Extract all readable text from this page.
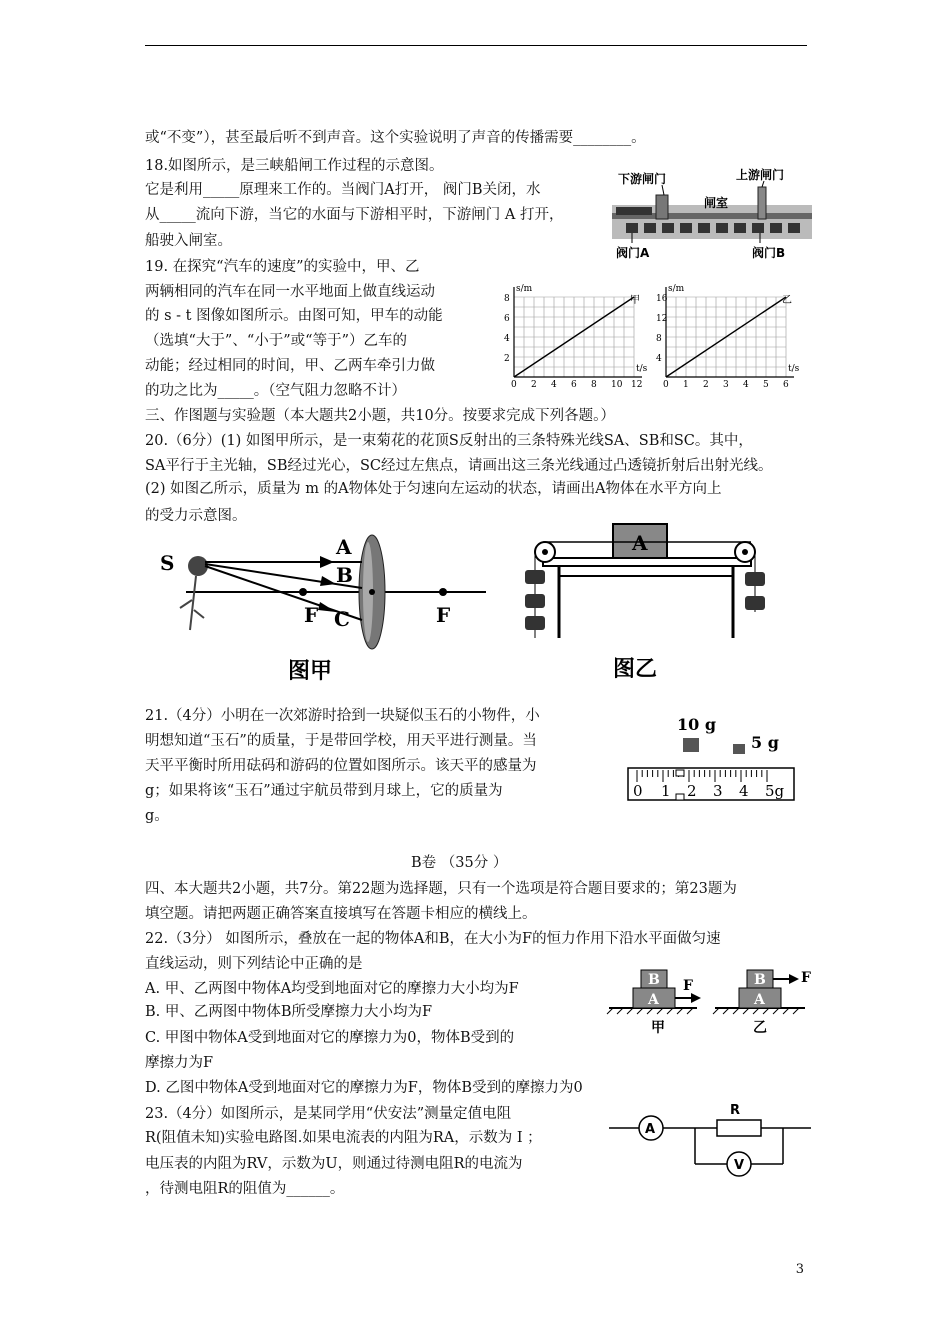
或“不变”），甚至最后听不到声音。这个实验说明了声音的传播需要________。
18.如图所示，是三峡船闸工作过程的示意图。
它是利用_____原理来工作的。当阀门A打开， 阀门B关闭，水
从_____流向下游，当它的水面与下游相平时，下游闸门 A 打开，
船驶入闸室。
19. 在探究“汽车的速度”的实验中，甲、乙
两辆相同的汽车在同一水平地面上做直线运动
的 s - t 图像如图所示。由图可知，甲车的动能
（选填“大于”、“小于”或“等于”）乙车的
动能；经过相同的时间，甲、乙两车牵引力做
的功之比为_____。（空气阻力忽略不计）
三、作图题与实验题（本大题共2小题，共10分。按要求完成下列各题。）
20.（6分）(1) 如图甲所示，是一束菊花的花顶S反射出的三条特殊光线SA、SB和SC。其中，
SA平行于主光轴，SB经过光心，SC经过左焦点，请画出这三条光线通过凸透镜折射后出射光线。
(2) 如图乙所示，质量为 m 的A物体处于匀速向左运动的状态，请画出A物体在水平方向上
的受力示意图。
21.（4分）小明在一次郊游时拾到一块疑似玉石的小物件，小
明想知道“玉石”的质量，于是带回学校，用天平进行测量。当
天平平衡时所用砝码和游码的位置如图所示。该天平的感量为
g；如果将该“玉石”通过宇航员带到月球上，它的质量为
g。
B卷 （35分 ）
四、本大题共2小题，共7分。第22题为选择题，只有一个选项是符合题目要求的；第23题为
填空题。请把两题正确答案直接填写在答题卡相应的横线上。
22.（3分） 如图所示，叠放在一起的物体A和B，在大小为F的恒力作用下沿水平面做匀速
直线运动，则下列结论中正确的是
A. 甲、乙两图中物体A均受到地面对它的摩擦力大小均为F
B. 甲、乙两图中物体B所受摩擦力大小均为F
C. 甲图中物体A受到地面对它的摩擦力为0，物体B受到的
摩擦力为F
D. 乙图中物体A受到地面对它的摩擦力为F，物体B受到的摩擦力为0
23.（4分）如图所示，是某同学用“伏安法”测量定值电阻
R(阻值未知)实验电路图.如果电流表的内阻为RA，示数为 I ；
电压表的内阻为RV，示数为U，则通过待测电阻R的电流为
，待测电阻R的阻值为______。
下游闸门	上游闸门
闸室
阀门A	阀门B
2
4
6
8
0 2 4 6 8 10 12
s/m
t/s
甲
4
8
12
16
0 1 2 3 4 5 6
s/m
t/s
乙
S
A
B
C
F	F
图甲
A
图乙
10 g
5 g
0 1 2 3 4 5g
B
A
F
甲
B
A
F
乙
A
R
V
3
